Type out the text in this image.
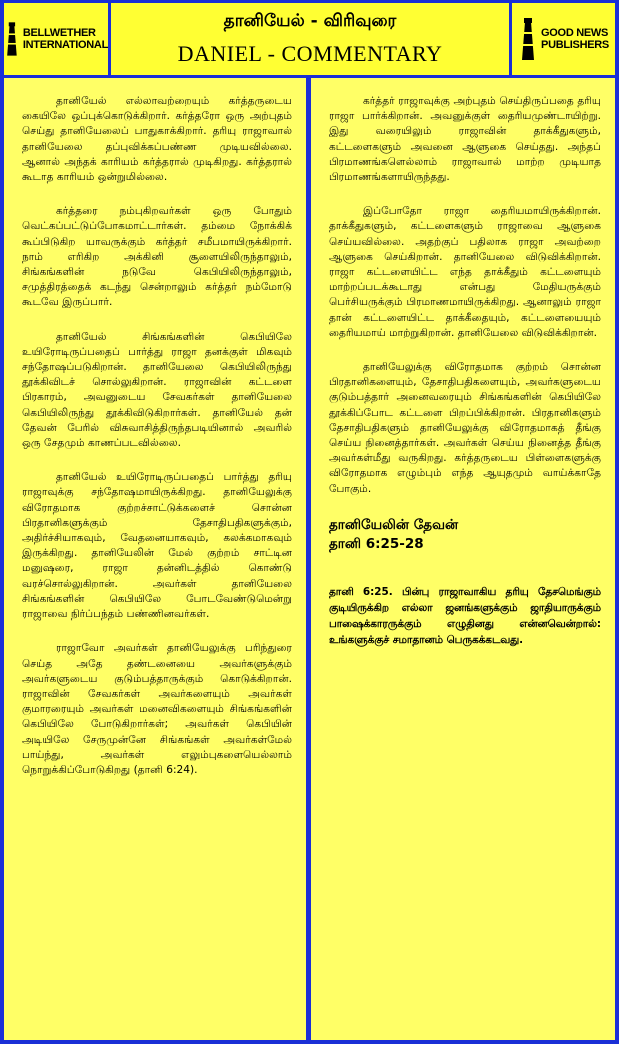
BELLWETHER
INTERNATIONAL
தானியேல் - விரிவுரை
DANIEL - COMMENTARY
GOOD NEWS
PUBLISHERS

தானியேல் எல்லாவற்றையும் கர்த்தருடைய கையிலே ஒப்புக்கொடுக்கிறார். கர்த்தரோ ஒரு அற்புதம் செய்து தானியேலைப் பாதுகாக்கிறார். தரியு ராஜாவால் தானியேலை தப்புவிக்கப்பண்ண முடியவில்லை. ஆனால் அந்தக் காரியம் கர்த்தரால் முடிகிறது. கர்த்தரால் கூடாத காரியம் ஒன்றுமில்லை.

கர்த்தரை நம்புகிறவர்கள் ஒரு போதும் வெட்கப்பட்டுப்போகமாட்டார்கள். தம்மை நோக்கிக் கூப்பிடுகிற யாவருக்கும் கர்த்தர் சமீபமாயிருக்கிறார். நாம் எரிகிற அக்கினி சூளையிலிருந்தாலும், சிங்கங்களின் நடுவே கெபியிலிருந்தாலும், சமுத்திரத்தைக் கடந்து சென்றாலும் கர்த்தர் நம்மோடு கூடவே இருப்பார்.

தானியேல் சிங்கங்களின் கெபியிலே உயிரோடிருப்பதைப் பார்த்து ராஜா தனக்குள் மிகவும் சந்தோஷப்படுகிறான். தானியேலை கெபியிலிருந்து தூக்கிவிடச் சொல்லுகிறான். ராஜாவின் கட்டளை பிரகாரம், அவனுடைய சேவகர்கள் தானியேலை கெபியிலிருந்து தூக்கிவிடுகிறார்கள். தானியேல் தன் தேவன் பேரில் விசுவாசித்திருந்தபடியினால் அவரில் ஒரு சேதமும் காணப்படவில்லை.

தானியேல் உயிரோடிருப்பதைப் பார்த்து தரியு ராஜாவுக்கு சந்தோஷமாயிருக்கிறது. தானியேலுக்கு விரோதமாக குற்றச்சாட்டுக்களைச் சொன்ன பிரதானிகளுக்கும் தேசாதிபதிகளுக்கும், அதிர்ச்சியாகவும், வேதனையாகவும், கலக்கமாகவும் இருக்கிறது. தானியேலின் மேல் குற்றம் சாட்டின மனுஷரை, ராஜா தன்னிடத்தில் கொண்டு வரச்சொல்லுகிறான். அவர்கள் தானியேலை சிங்கங்களின் கெபியிலே போடவேண்டுமென்று ராஜாவை நிர்ப்பந்தம் பண்ணினவர்கள்.

ராஜாவோ அவர்கள் தானியேலுக்கு பரிந்துரை செய்த அதே தண்டனையை அவர்களுக்கும் அவர்களுடைய குடும்பத்தாருக்கும் கொடுக்கிறான். ராஜாவின் சேவகர்கள் அவர்களையும் அவர்கள் குமாரரையும் அவர்கள் மனைவிகளையும் சிங்கங்களின் கெபியிலே போடுகிறார்கள்; அவர்கள் கெபியின் அடியிலே சேருமுன்னே சிங்கங்கள் அவர்கள்மேல் பாய்ந்து, அவர்கள் எலும்புகளையெல்லாம் நொறுக்கிப்போடுகிறது (தானி 6:24).

கர்த்தர் ராஜாவுக்கு அற்புதம் செய்திருப்பதை தரியு ராஜா பார்க்கிறான். அவனுக்குள் தைரியமுண்டாயிற்று. இது வரையிலும் ராஜாவின் தாக்கீதுகளும், கட்டளைகளும் அவனை ஆளுகை செய்தது. அந்தப் பிரமாணங்களெல்லாம் ராஜாவால் மாற்ற முடியாத பிரமாணங்களாயிருந்தது.

இப்போதோ ராஜா தைரியமாயிருக்கிறான். தாக்கீதுகளும், கட்டளைகளும் ராஜாவை ஆளுகை செய்யவில்லை. அதற்குப் பதிலாக ராஜா அவற்றை ஆளுகை செய்கிறான். தானியேலை விடுவிக்கிறான். ராஜா கட்டளையிட்ட எந்த தாக்கீதும் கட்டளையும் மாற்றப்படக்கூடாது என்பது மேதியருக்கும் பெர்சியருக்கும் பிரமாணமாயிருக்கிறது. ஆனாலும் ராஜா தான் கட்டளையிட்ட தாக்கீதையும், கட்டளையையும் தைரியமாய் மாற்றுகிறான். தானியேலை விடுவிக்கிறான்.

தானியேலுக்கு விரோதமாக குற்றம் சொன்ன பிரதானிகளையும், தேசாதிபதிகளையும், அவர்களுடைய குடும்பத்தார் அனைவரையும் சிங்கங்களின் கெபியிலே தூக்கிப்போட கட்டளை பிறப்பிக்கிறான். பிரதானிகளும் தேசாதிபதிகளும் தானியேலுக்கு விரோதமாகத் தீங்கு செய்ய நினைத்தார்கள். அவர்கள் செய்ய நினைத்த தீங்கு அவர்கள்மீது வருகிறது. கர்த்தருடைய பிள்ளைகளுக்கு விரோதமாக எழும்பும் எந்த ஆயுதமும் வாய்க்காதே போகும்.

தானியேலின் தேவன்
தானி 6:25-28

தானி 6:25. பின்பு ராஜாவாகிய தரியு தேசமெங்கும் குடியிருக்கிற எல்லா ஜனங்களுக்கும் ஜாதியாருக்கும் பாஷைக்காரருக்கும் எழுதினது என்னவென்றால்: உங்களுக்குச் சமாதானம் பெருகக்கடவது.
